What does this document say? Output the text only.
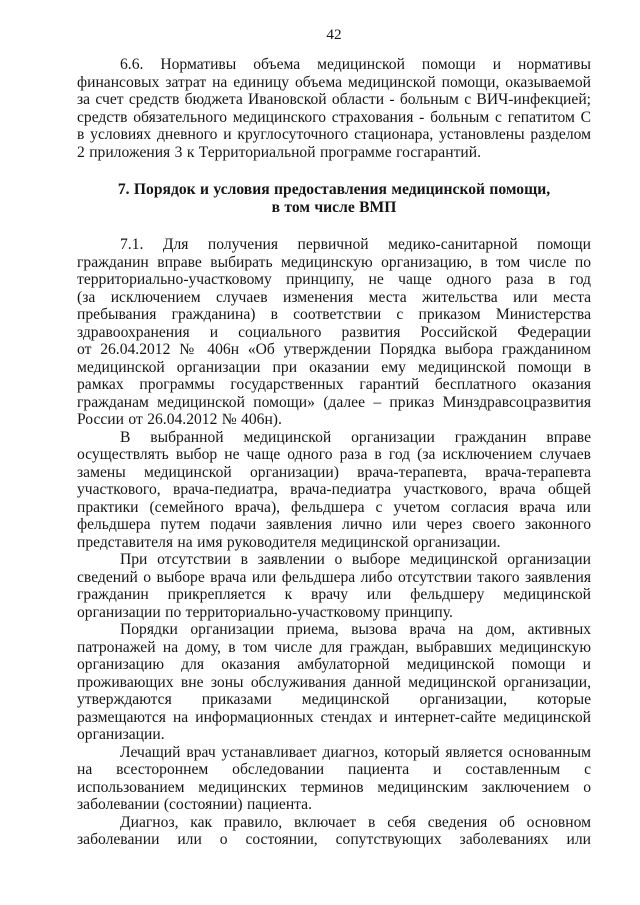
42
6.6. Нормативы объема медицинской помощи и нормативы
финансовых затрат на единицу объема медицинской помощи, оказываемой
за счет средств бюджета Ивановской области - больным с ВИЧ-инфекцией;
средств обязательного медицинского страхования - больным с гепатитом С
в условиях дневного и круглосуточного стационара, установлены разделом
2 приложения 3 к Территориальной программе госгарантий.
7. Порядок и условия предоставления медицинской помощи,
в том числе ВМП
7.1. Для получения первичной медико-санитарной помощи
гражданин вправе выбирать медицинскую организацию, в том числе по
территориально-участковому принципу, не чаще одного раза в год
(за исключением случаев изменения места жительства или места
пребывания гражданина) в соответствии с приказом Министерства
здравоохранения и социального развития Российской Федерации
от 26.04.2012 № 406н «Об утверждении Порядка выбора гражданином
медицинской организации при оказании ему медицинской помощи в
рамках программы государственных гарантий бесплатного оказания
гражданам медицинской помощи» (далее – приказ Минздравсоцразвития
России от 26.04.2012 № 406н).
В выбранной медицинской организации гражданин вправе
осуществлять выбор не чаще одного раза в год (за исключением случаев
замены медицинской организации) врача-терапевта, врача-терапевта
участкового, врача-педиатра, врача-педиатра участкового, врача общей
практики (семейного врача), фельдшера с учетом согласия врача или
фельдшера путем подачи заявления лично или через своего законного
представителя на имя руководителя медицинской организации.
При отсутствии в заявлении о выборе медицинской организации
сведений о выборе врача или фельдшера либо отсутствии такого заявления
гражданин прикрепляется к врачу или фельдшеру медицинской
организации по территориально-участковому принципу.
Порядки организации приема, вызова врача на дом, активных
патронажей на дому, в том числе для граждан, выбравших медицинскую
организацию для оказания амбулаторной медицинской помощи и
проживающих вне зоны обслуживания данной медицинской организации,
утверждаются приказами медицинской организации, которые
размещаются на информационных стендах и интернет-сайте медицинской
организации.
Лечащий врач устанавливает диагноз, который является основанным
на всестороннем обследовании пациента и составленным с
использованием медицинских терминов медицинским заключением о
заболевании (состоянии) пациента.
Диагноз, как правило, включает в себя сведения об основном
заболевании или о состоянии, сопутствующих заболеваниях или
